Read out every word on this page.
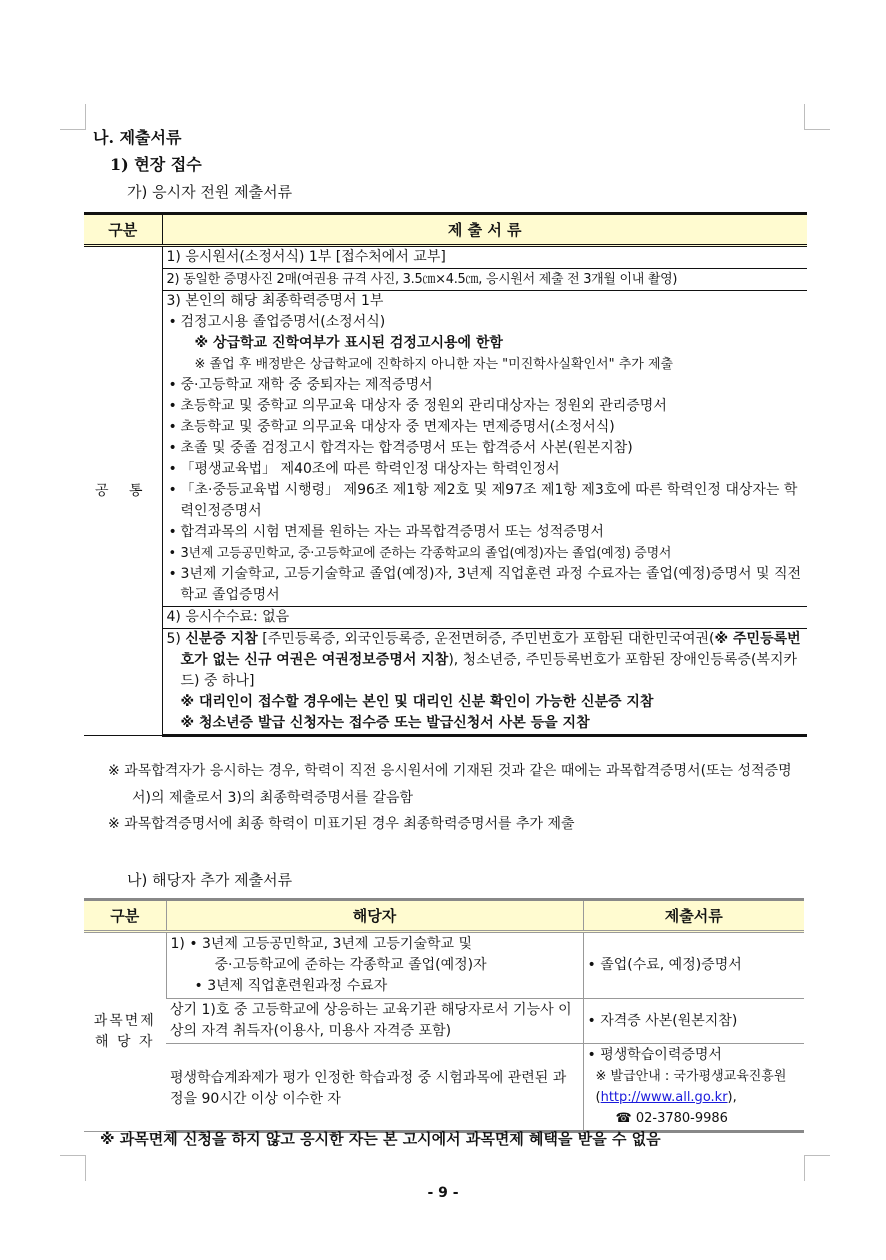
나. 제출서류
1) 현장 접수
가) 응시자 전원 제출서류
구분	제 출 서 류
공 통	1) 응시원서(소정서식) 1부 [접수처에서 교부]
	2) 동일한 증명사진 2매(여권용 규격 사진, 3.5㎝×4.5㎝, 응시원서 제출 전 3개월 이내 촬영)

3) 본인의 해당 최종학력증명서 1부
• 검정고시용 졸업증명서(소정서식)
※ 상급학교 진학여부가 표시된 검정고시용에 한함
※ 졸업 후 배정받은 상급학교에 진학하지 아니한 자는 "미진학사실확인서" 추가 제출
• 중·고등학교 재학 중 중퇴자는 제적증명서
• 초등학교 및 중학교 의무교육 대상자 중 정원외 관리대상자는 정원외 관리증명서
• 초등학교 및 중학교 의무교육 대상자 중 면제자는 면제증명서(소정서식)
• 초졸 및 중졸 검정고시 합격자는 합격증명서 또는 합격증서 사본(원본지참)
• 「평생교육법」 제40조에 따른 학력인정 대상자는 학력인정서
• 「초·중등교육법 시행령」 제96조 제1항 제2호 및 제97조 제1항 제3호에 따른 학력인정 대상자는 학력인정증명서
• 합격과목의 시험 면제를 원하는 자는 과목합격증명서 또는 성적증명서
• 3년제 고등공민학교, 중·고등학교에 준하는 각종학교의 졸업(예정)자는 졸업(예정) 증명서
• 3년제 기술학교, 고등기술학교 졸업(예정)자, 3년제 직업훈련 과정 수료자는 졸업(예정)증명서 및 직전학교 졸업증명서

	4) 응시수수료: 없음

	5) 신분증 지참 [주민등록증, 외국인등록증, 운전면허증, 주민번호가 포함된 대한민국여권(※ 주민등록번호가 없는 신규 여권은 여권정보증명서 지참), 청소년증, 주민등록번호가 포함된 장애인등록증(복지카드) 중 하나]
※ 대리인이 접수할 경우에는 본인 및 대리인 신분 확인이 가능한 신분증 지참
※ 청소년증 발급 신청자는 접수증 또는 발급신청서 사본 등을 지참
※ 과목합격자가 응시하는 경우, 학력이 직전 응시원서에 기재된 것과 같은 때에는 과목합격증명서(또는 성적증명서)의 제출로서 3)의 최종학력증명서를 갈음함
※ 과목합격증명서에 최종 학력이 미표기된 경우 최종학력증명서를 추가 제출
나) 해당자 추가 제출서류
구분	해당자	제출서류
과목면제 해 당 자	1) • 3년제 고등공민학교, 3년제 고등기술학교 및
중·고등학교에 준하는 각종학교 졸업(예정)자
• 3년제 직업훈련원과정 수료자	• 졸업(수료, 예정)증명서
	상기 1)호 중 고등학교에 상응하는 교육기관 해당자로서 기능사 이상의 자격 취득자(이용사, 미용사 자격증 포함)	• 자격증 사본(원본지참)
	평생학습계좌제가 평가 인정한 학습과정 중 시험과목에 관련된 과정을 90시간 이상 이수한 자	• 평생학습이력증명서
※ 발급안내 : 국가평생교육진흥원(http://www.all.go.kr),
☎ 02-3780-9986
※ 과목면제 신청을 하지 않고 응시한 자는 본 고시에서 과목면제 혜택을 받을 수 없음
- 9 -
